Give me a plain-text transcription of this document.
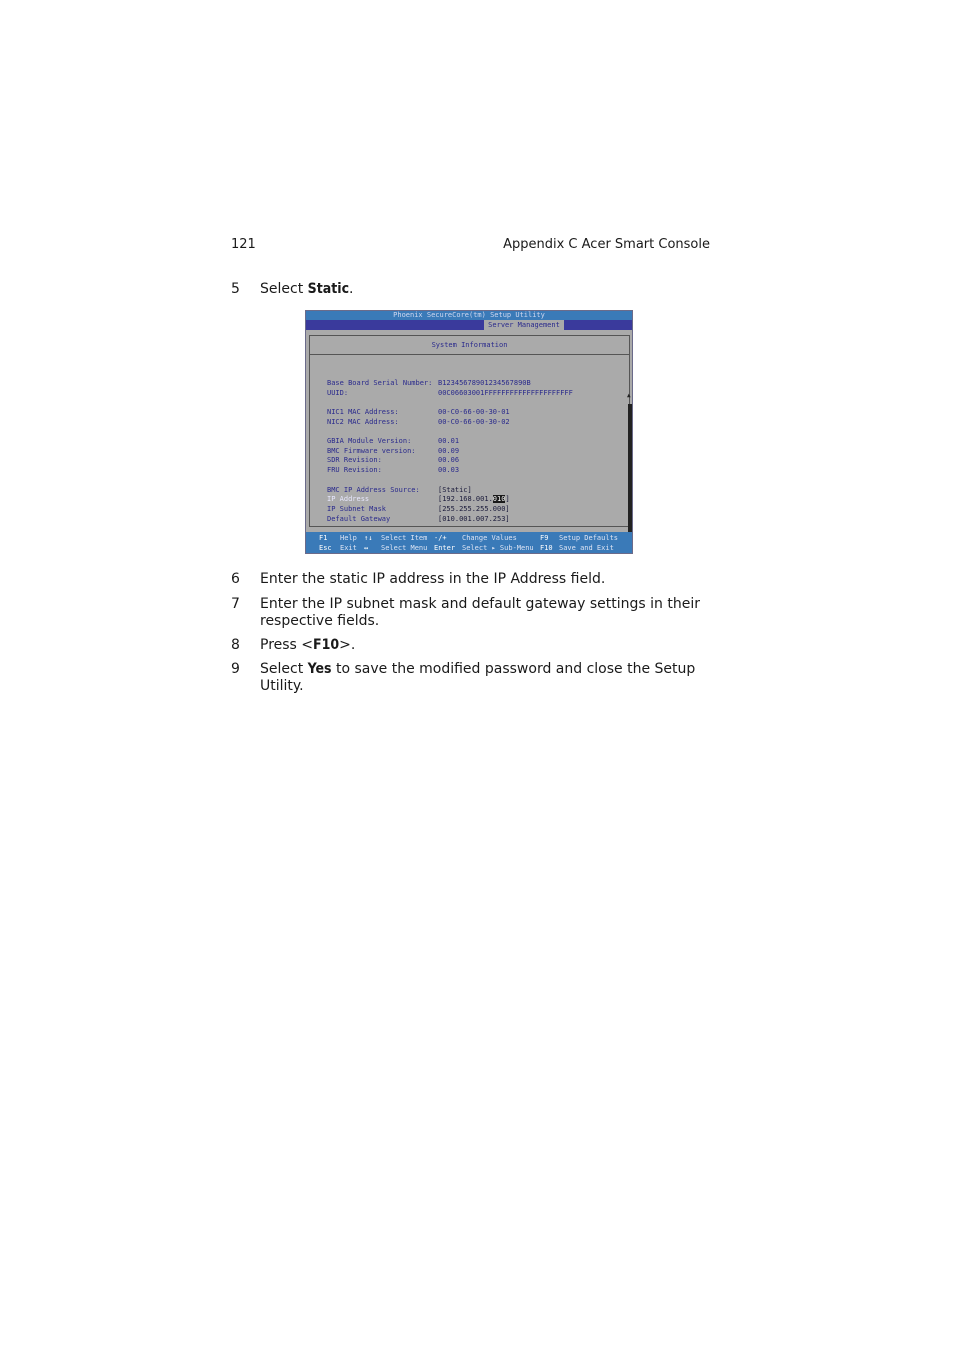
121	Appendix C Acer Smart Console
5 Select Static.
Phoenix SecureCore(tm) Setup Utility
Server Management
System Information
▲
Base Board Serial Number: B12345678901234567890B
UUID:	00C06603001FFFFFFFFFFFFFFFFFFFFF
NIC1 MAC Address:	00-C0-66-00-30-01
NIC2 MAC Address:	00-C0-66-00-30-02
GBIA Module Version:	00.01
BMC Firmware version:	00.09
SDR Revision:	00.06
FRU Revision:	00.03
BMC IP Address Source:	[Static]
IP Address	[192.168.001.010]
IP Subnet Mask	[255.255.255.000]
Default Gateway	[010.001.007.253]
F1 Help ↑↓ Select Item -/+ Change Values	F9 Setup Defaults
Esc Exit ↔ Select Menu Enter Select ▸ Sub-Menu F10 Save and Exit
6 Enter the static IP address in the IP Address field.
7 Enter the IP subnet mask and default gateway settings in their respective fields.
8 Press <F10>.
9 Select Yes to save the modified password and close the Setup Utility.
